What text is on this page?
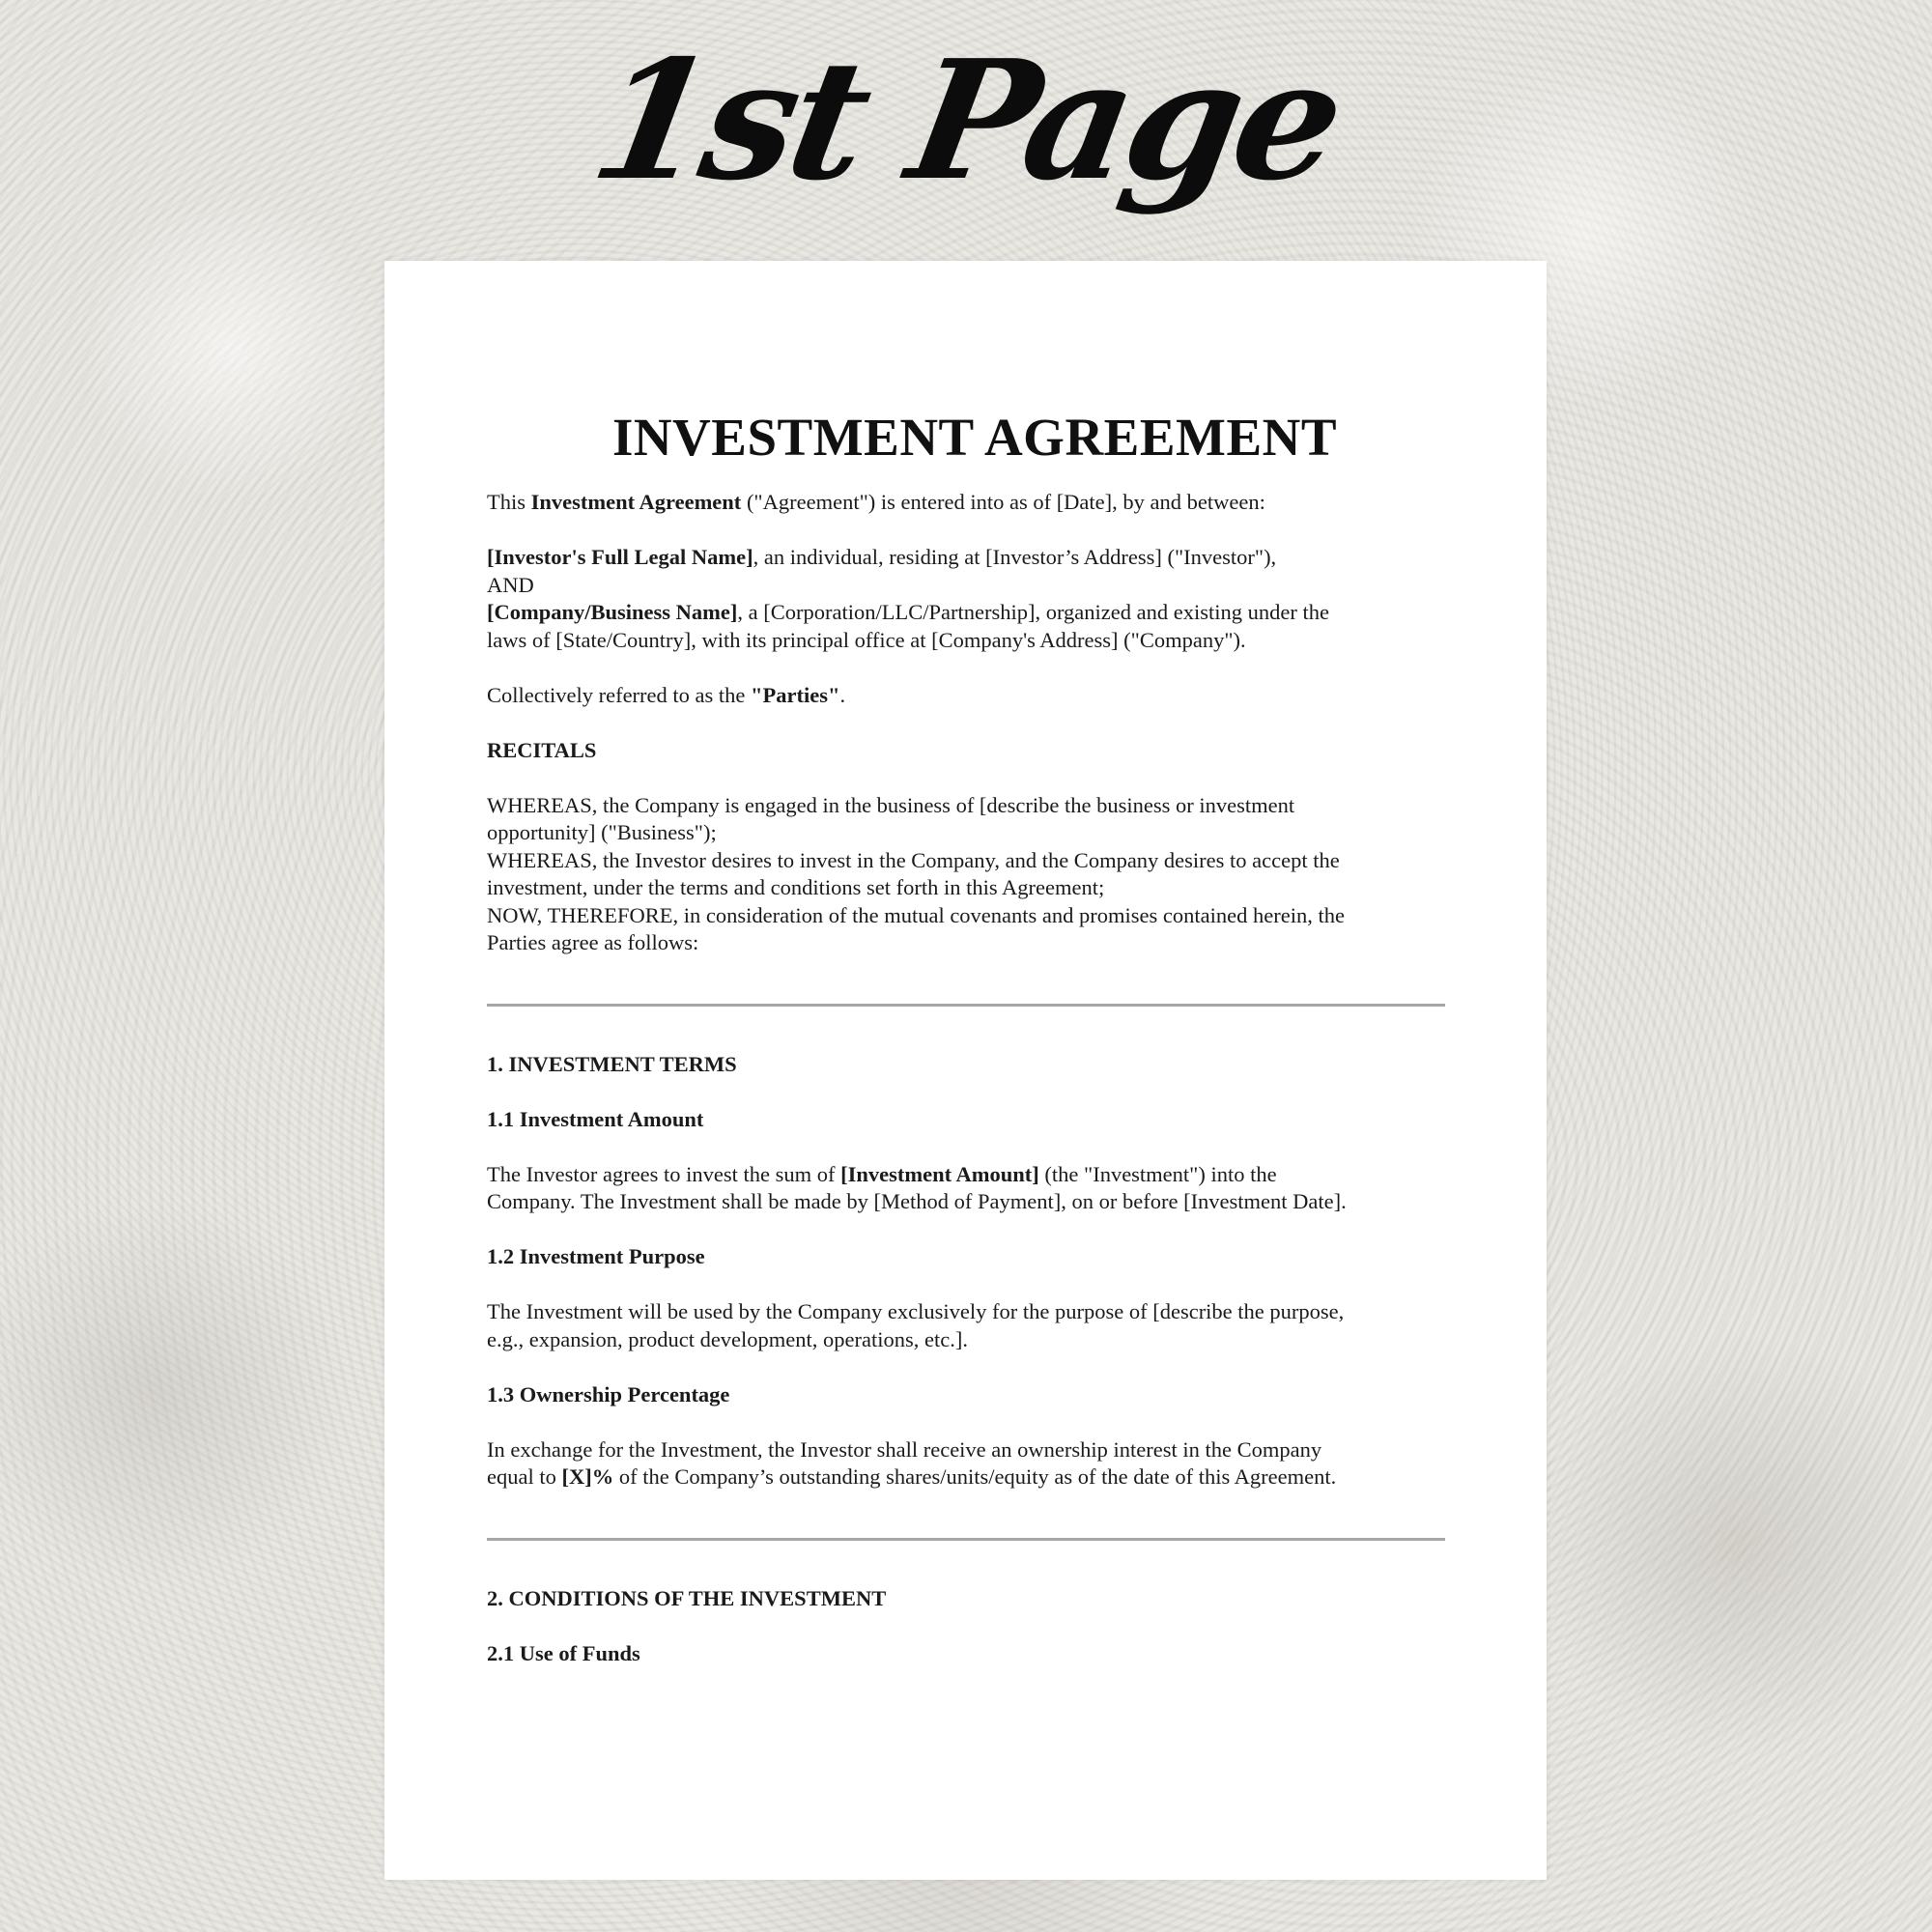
1st Page
INVESTMENT AGREEMENT

This Investment Agreement ("Agreement") is entered into as of [Date], by and between:

[Investor's Full Legal Name], an individual, residing at [Investor’s Address] ("Investor"),

AND

[Company/Business Name], a [Corporation/LLC/Partnership], organized and existing under the

laws of [State/Country], with its principal office at [Company's Address] ("Company").

Collectively referred to as the "Parties".

RECITALS

WHEREAS, the Company is engaged in the business of [describe the business or investment

opportunity] ("Business");

WHEREAS, the Investor desires to invest in the Company, and the Company desires to accept the

investment, under the terms and conditions set forth in this Agreement;

NOW, THEREFORE, in consideration of the mutual covenants and promises contained herein, the

Parties agree as follows:

1. INVESTMENT TERMS

1.1 Investment Amount

The Investor agrees to invest the sum of [Investment Amount] (the "Investment") into the

Company. The Investment shall be made by [Method of Payment], on or before [Investment Date].

1.2 Investment Purpose

The Investment will be used by the Company exclusively for the purpose of [describe the purpose,

e.g., expansion, product development, operations, etc.].

1.3 Ownership Percentage

In exchange for the Investment, the Investor shall receive an ownership interest in the Company

equal to [X]% of the Company’s outstanding shares/units/equity as of the date of this Agreement.

2. CONDITIONS OF THE INVESTMENT

2.1 Use of Funds
